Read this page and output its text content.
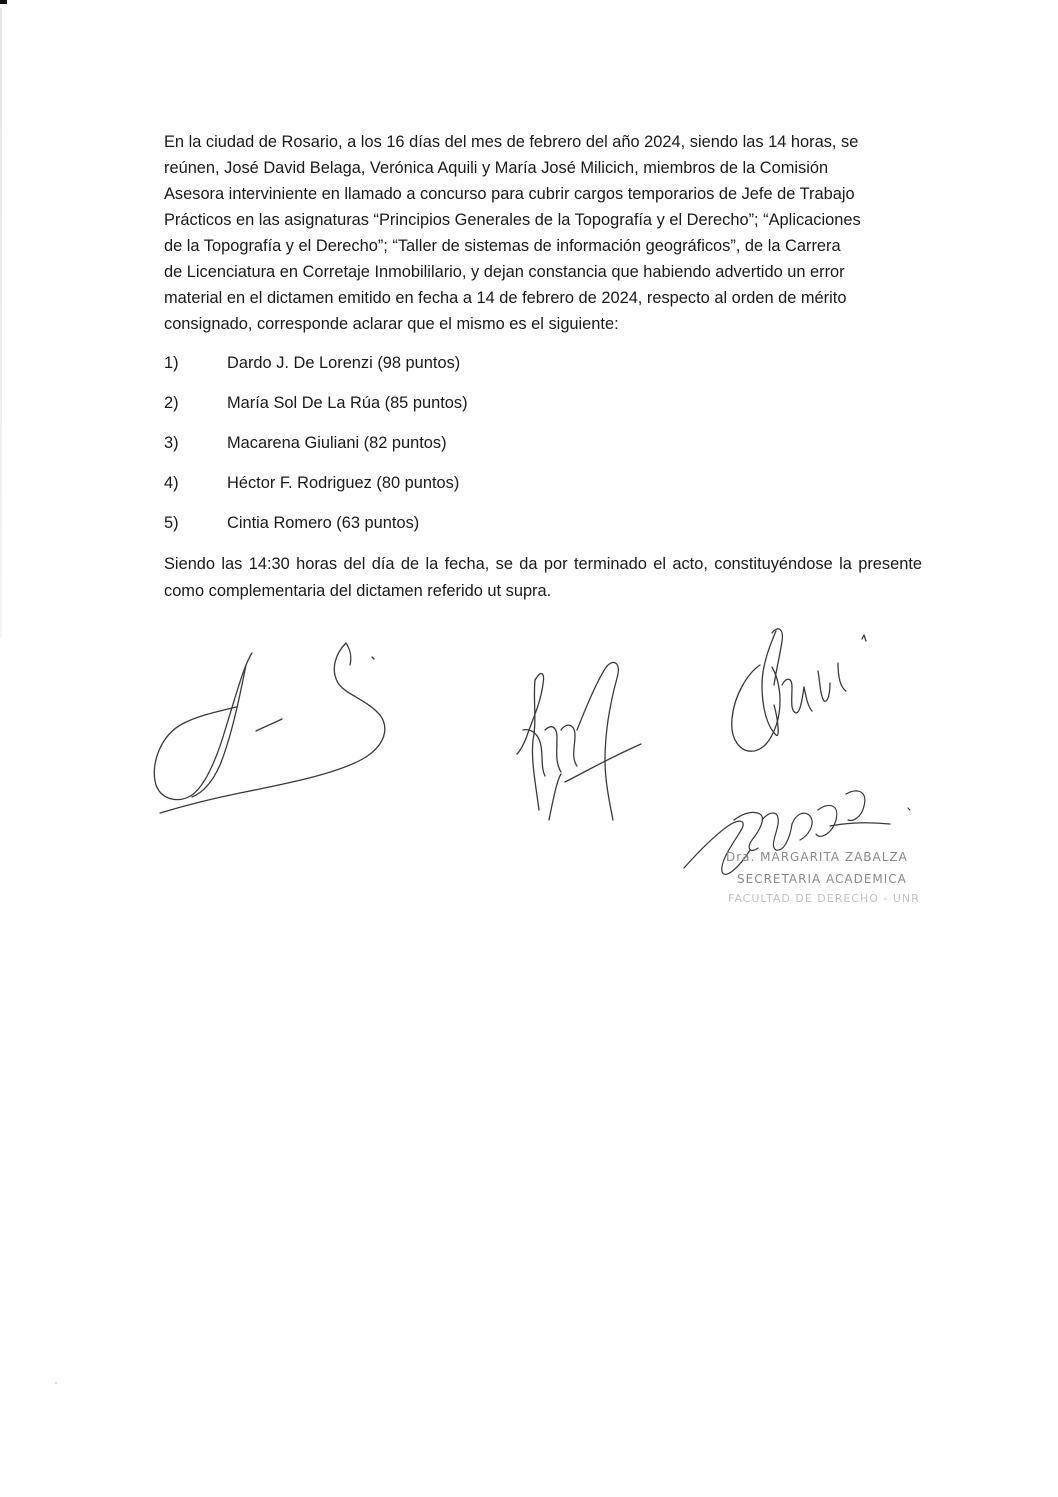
En la ciudad de Rosario, a los 16 días del mes de febrero del año 2024, siendo las 14 horas, se
reúnen, José David Belaga, Verónica Aquili y María José Milicich, miembros de la Comisión
Asesora interviniente en llamado a concurso para cubrir cargos temporarios de Jefe de Trabajo
Prácticos en las asignaturas “Principios Generales de la Topografía y el Derecho”; “Aplicaciones
de la Topografía y el Derecho”; “Taller de sistemas de información geográficos”, de la Carrera
de Licenciatura en Corretaje Inmobililario, y dejan constancia que habiendo advertido un error
material en el dictamen emitido en fecha a 14 de febrero de 2024, respecto al orden de mérito
consignado, corresponde aclarar que el mismo es el siguiente:
1)	Dardo J. De Lorenzi (98 puntos)
2)	María Sol De La Rúa (85 puntos)
3)	Macarena Giuliani (82 puntos)
4)	Héctor F. Rodriguez (80 puntos)
5)	Cintia Romero (63 puntos)

Siendo las 14:30 horas del día de la fecha, se da por terminado el acto, constituyéndose la presente como complementaria del dictamen referido ut supra.

Dra. MARGARITA ZABALZA
SECRETARIA ACADEMICA
FACULTAD DE DERECHO - UNR
